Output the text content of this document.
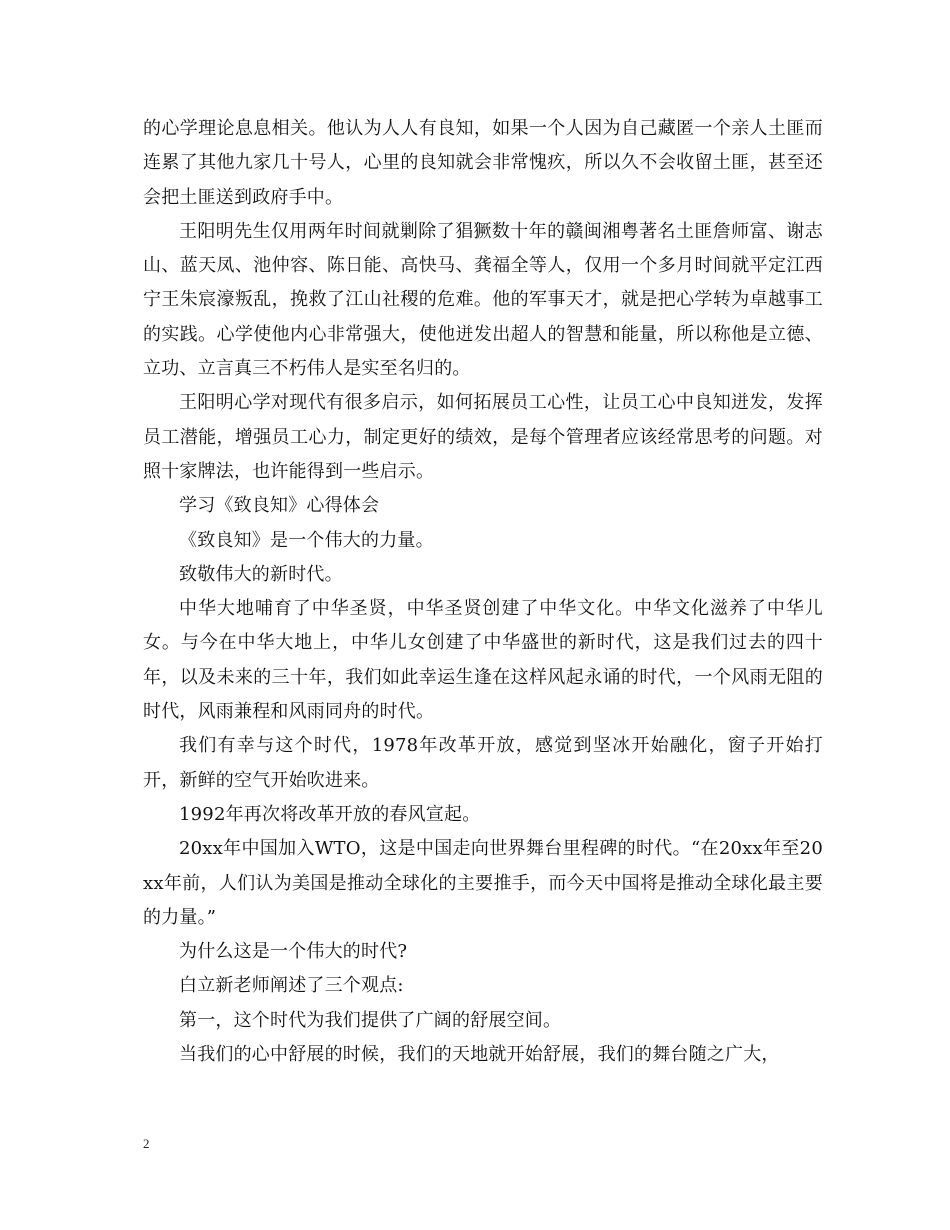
的心学理论息息相关。他认为人人有良知，如果一个人因为自己藏匿一个亲人土匪而连累了其他九家几十号人，心里的良知就会非常愧疚，所以久不会收留土匪，甚至还会把土匪送到政府手中。

王阳明先生仅用两年时间就剿除了猖獗数十年的赣闽湘粤著名土匪詹师富、谢志山、蓝天凤、池仲容、陈日能、高快马、龚福全等人，仅用一个多月时间就平定江西宁王朱宸濠叛乱，挽救了江山社稷的危难。他的军事天才，就是把心学转为卓越事工的实践。心学使他内心非常强大，使他迸发出超人的智慧和能量，所以称他是立德、立功、立言真三不朽伟人是实至名归的。

王阳明心学对现代有很多启示，如何拓展员工心性，让员工心中良知迸发，发挥员工潜能，增强员工心力，制定更好的绩效，是每个管理者应该经常思考的问题。对照十家牌法，也许能得到一些启示。

学习《致良知》心得体会

《致良知》是一个伟大的力量。

致敬伟大的新时代。

中华大地哺育了中华圣贤，中华圣贤创建了中华文化。中华文化滋养了中华儿女。与今在中华大地上，中华儿女创建了中华盛世的新时代，这是我们过去的四十年，以及未来的三十年，我们如此幸运生逢在这样风起永诵的时代，一个风雨无阻的时代，风雨兼程和风雨同舟的时代。

我们有幸与这个时代，1978年改革开放，感觉到坚冰开始融化，窗子开始打开，新鲜的空气开始吹进来。

1992年再次将改革开放的春风宣起。

20xx年中国加入WTO，这是中国走向世界舞台里程碑的时代。“在20xx年至20xx年前，人们认为美国是推动全球化的主要推手，而今天中国将是推动全球化最主要的力量。”

为什么这是一个伟大的时代?

白立新老师阐述了三个观点:

第一，这个时代为我们提供了广阔的舒展空间。

当我们的心中舒展的时候，我们的天地就开始舒展，我们的舞台随之广大，

2
